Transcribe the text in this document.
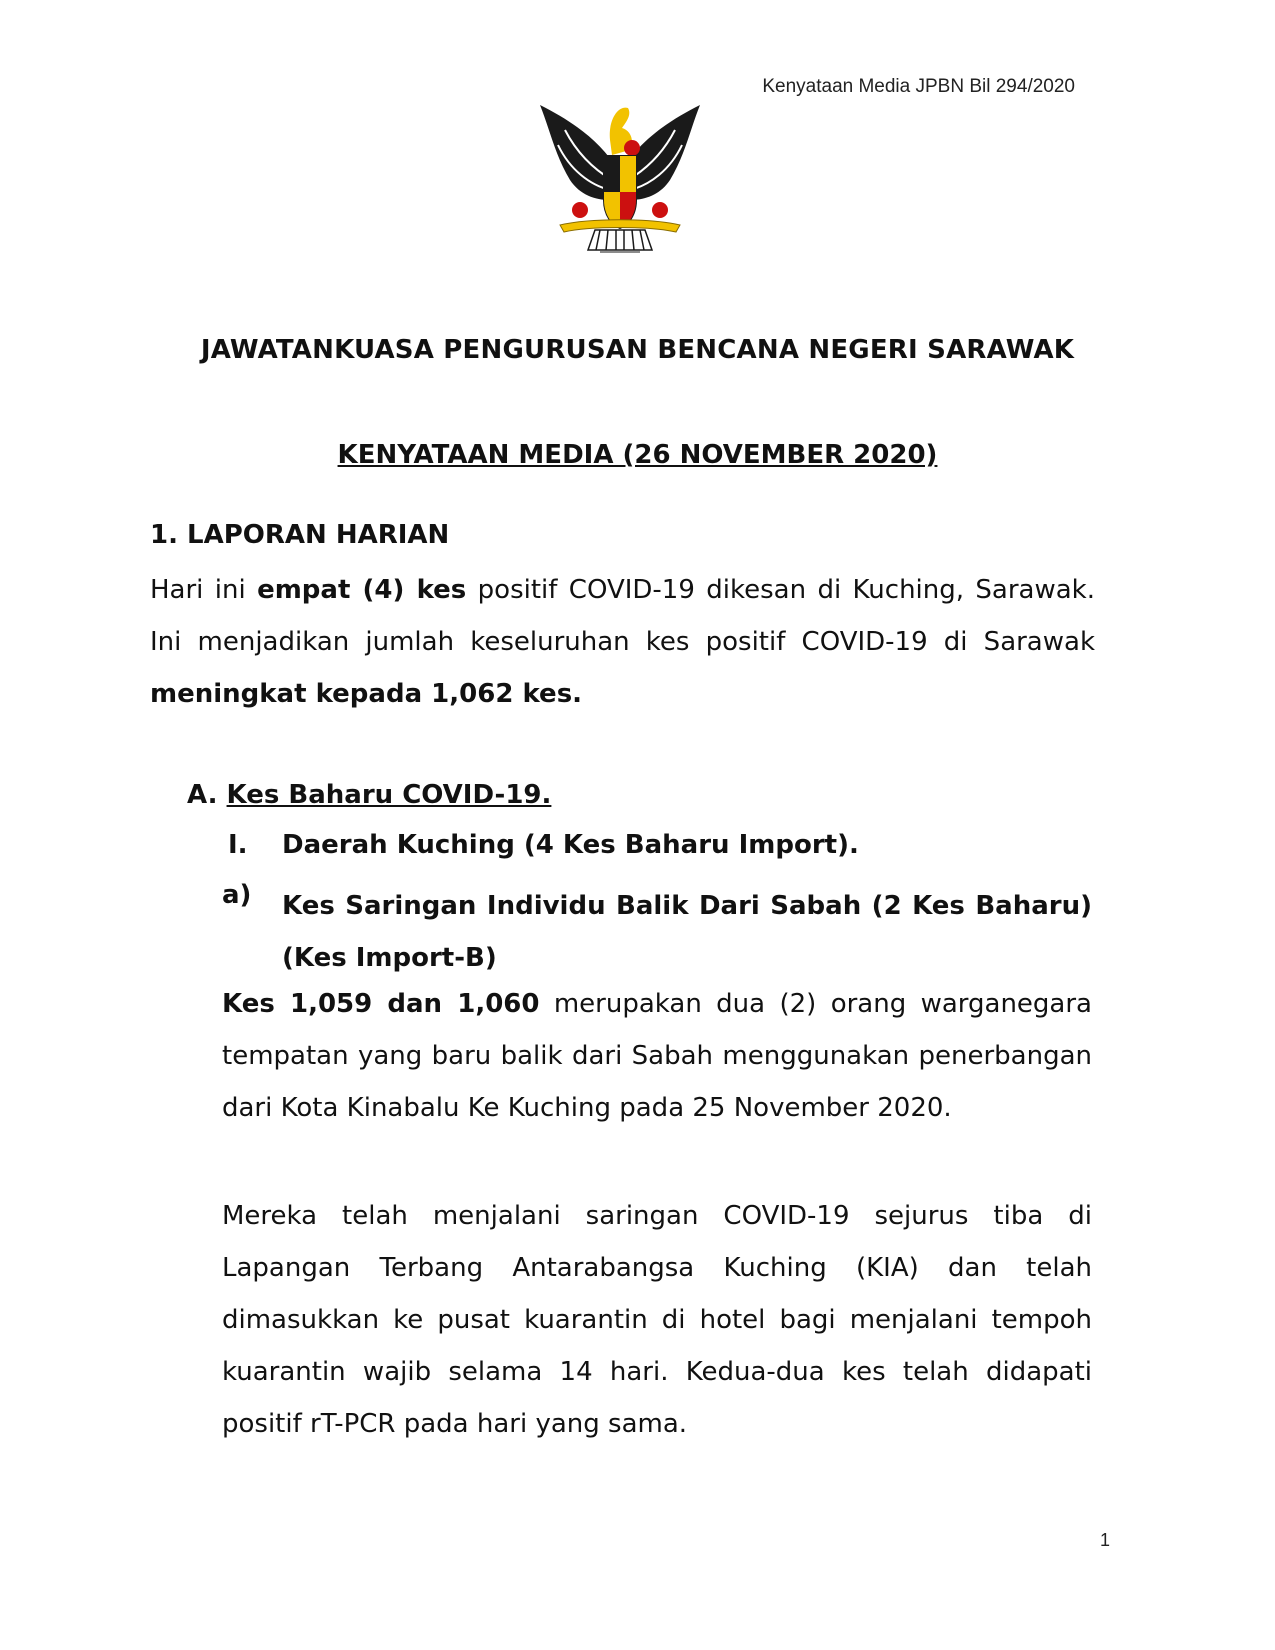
Kenyataan Media JPBN Bil 294/2020
JAWATANKUASA PENGURUSAN BENCANA NEGERI SARAWAK
KENYATAAN MEDIA (26 NOVEMBER 2020)
1. LAPORAN HARIAN
Hari ini empat (4) kes positif COVID-19 dikesan di Kuching, Sarawak. Ini menjadikan jumlah keseluruhan kes positif COVID-19 di Sarawak meningkat kepada 1,062 kes.
A. Kes Baharu COVID-19.
I. Daerah Kuching (4 Kes Baharu Import).
a) Kes Saringan Individu Balik Dari Sabah (2 Kes Baharu)(Kes Import-B)
Kes 1,059 dan 1,060 merupakan dua (2) orang warganegara tempatan yang baru balik dari Sabah menggunakan penerbangan dari Kota Kinabalu Ke Kuching pada 25 November 2020.
Mereka telah menjalani saringan COVID-19 sejurus tiba di Lapangan Terbang Antarabangsa Kuching (KIA) dan telah dimasukkan ke pusat kuarantin di hotel bagi menjalani tempoh kuarantin wajib selama 14 hari. Kedua-dua kes telah didapati positif rT-PCR pada hari yang sama.
1
